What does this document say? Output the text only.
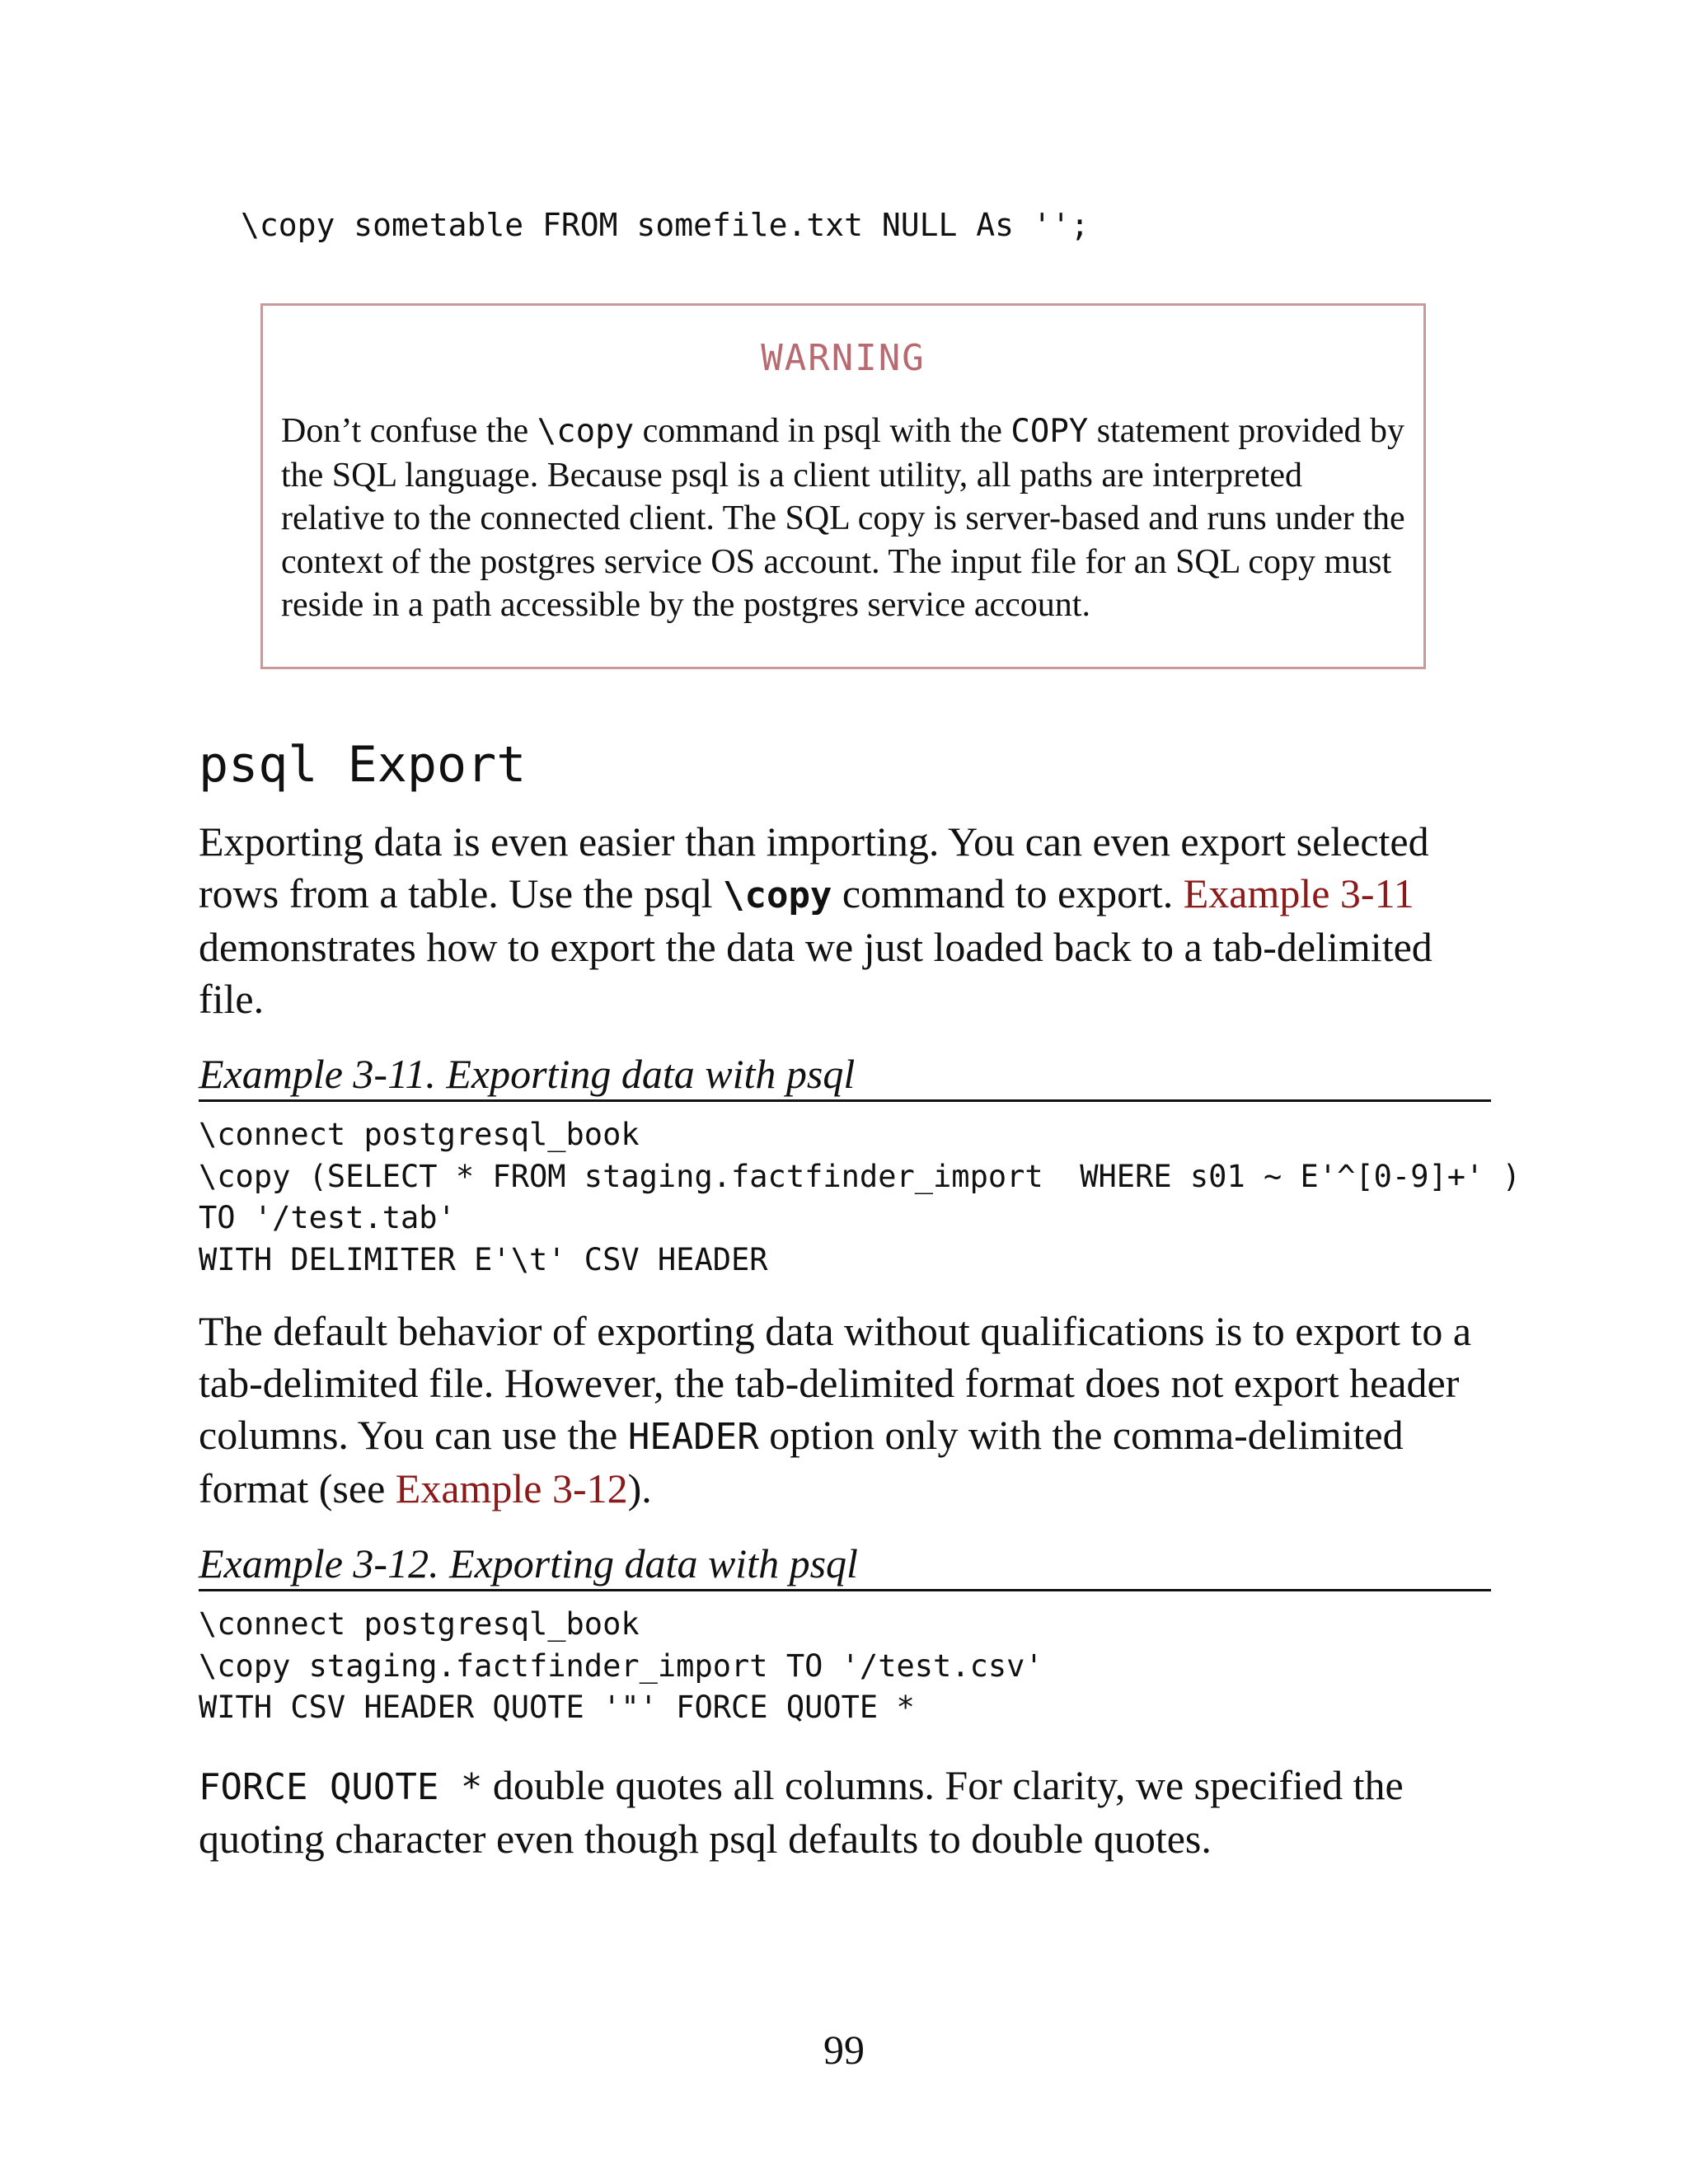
\copy sometable FROM somefile.txt NULL As '';
WARNING
Don’t confuse the \copy command in psql with the COPY statement provided by the SQL language. Because psql is a client utility, all paths are interpreted relative to the connected client. The SQL copy is server-based and runs under the context of the postgres service OS account. The input file for an SQL copy must reside in a path accessible by the postgres service account.
psql Export
Exporting data is even easier than importing. You can even export selected rows from a table. Use the psql \copy command to export. Example 3-11 demonstrates how to export the data we just loaded back to a tab-delimited file.
Example 3-11. Exporting data with psql
\connect postgresql_book
\copy (SELECT * FROM staging.factfinder_import  WHERE s01 ~ E'^[0-9]+' )
TO '/test.tab'
WITH DELIMITER E'\t' CSV HEADER
The default behavior of exporting data without qualifications is to export to a tab-delimited file. However, the tab-delimited format does not export header columns. You can use the HEADER option only with the comma-delimited format (see Example 3-12).
Example 3-12. Exporting data with psql
\connect postgresql_book
\copy staging.factfinder_import TO '/test.csv'
WITH CSV HEADER QUOTE '"' FORCE QUOTE *
FORCE QUOTE * double quotes all columns. For clarity, we specified the quoting character even though psql defaults to double quotes.
99
